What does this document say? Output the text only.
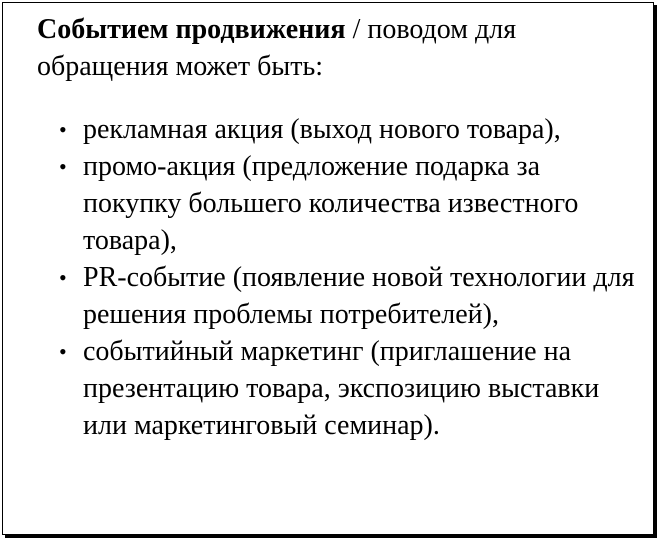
Событием продвижения / поводом для обращения может быть:

• рекламная акция (выход нового товара),
• промо-акция (предложение подарка за покупку большего количества известного товара),
• PR-событие (появление новой технологии для решения проблемы потребителей),
• событийный маркетинг (приглашение на презентацию товара, экспозицию выставки или маркетинговый семинар).
